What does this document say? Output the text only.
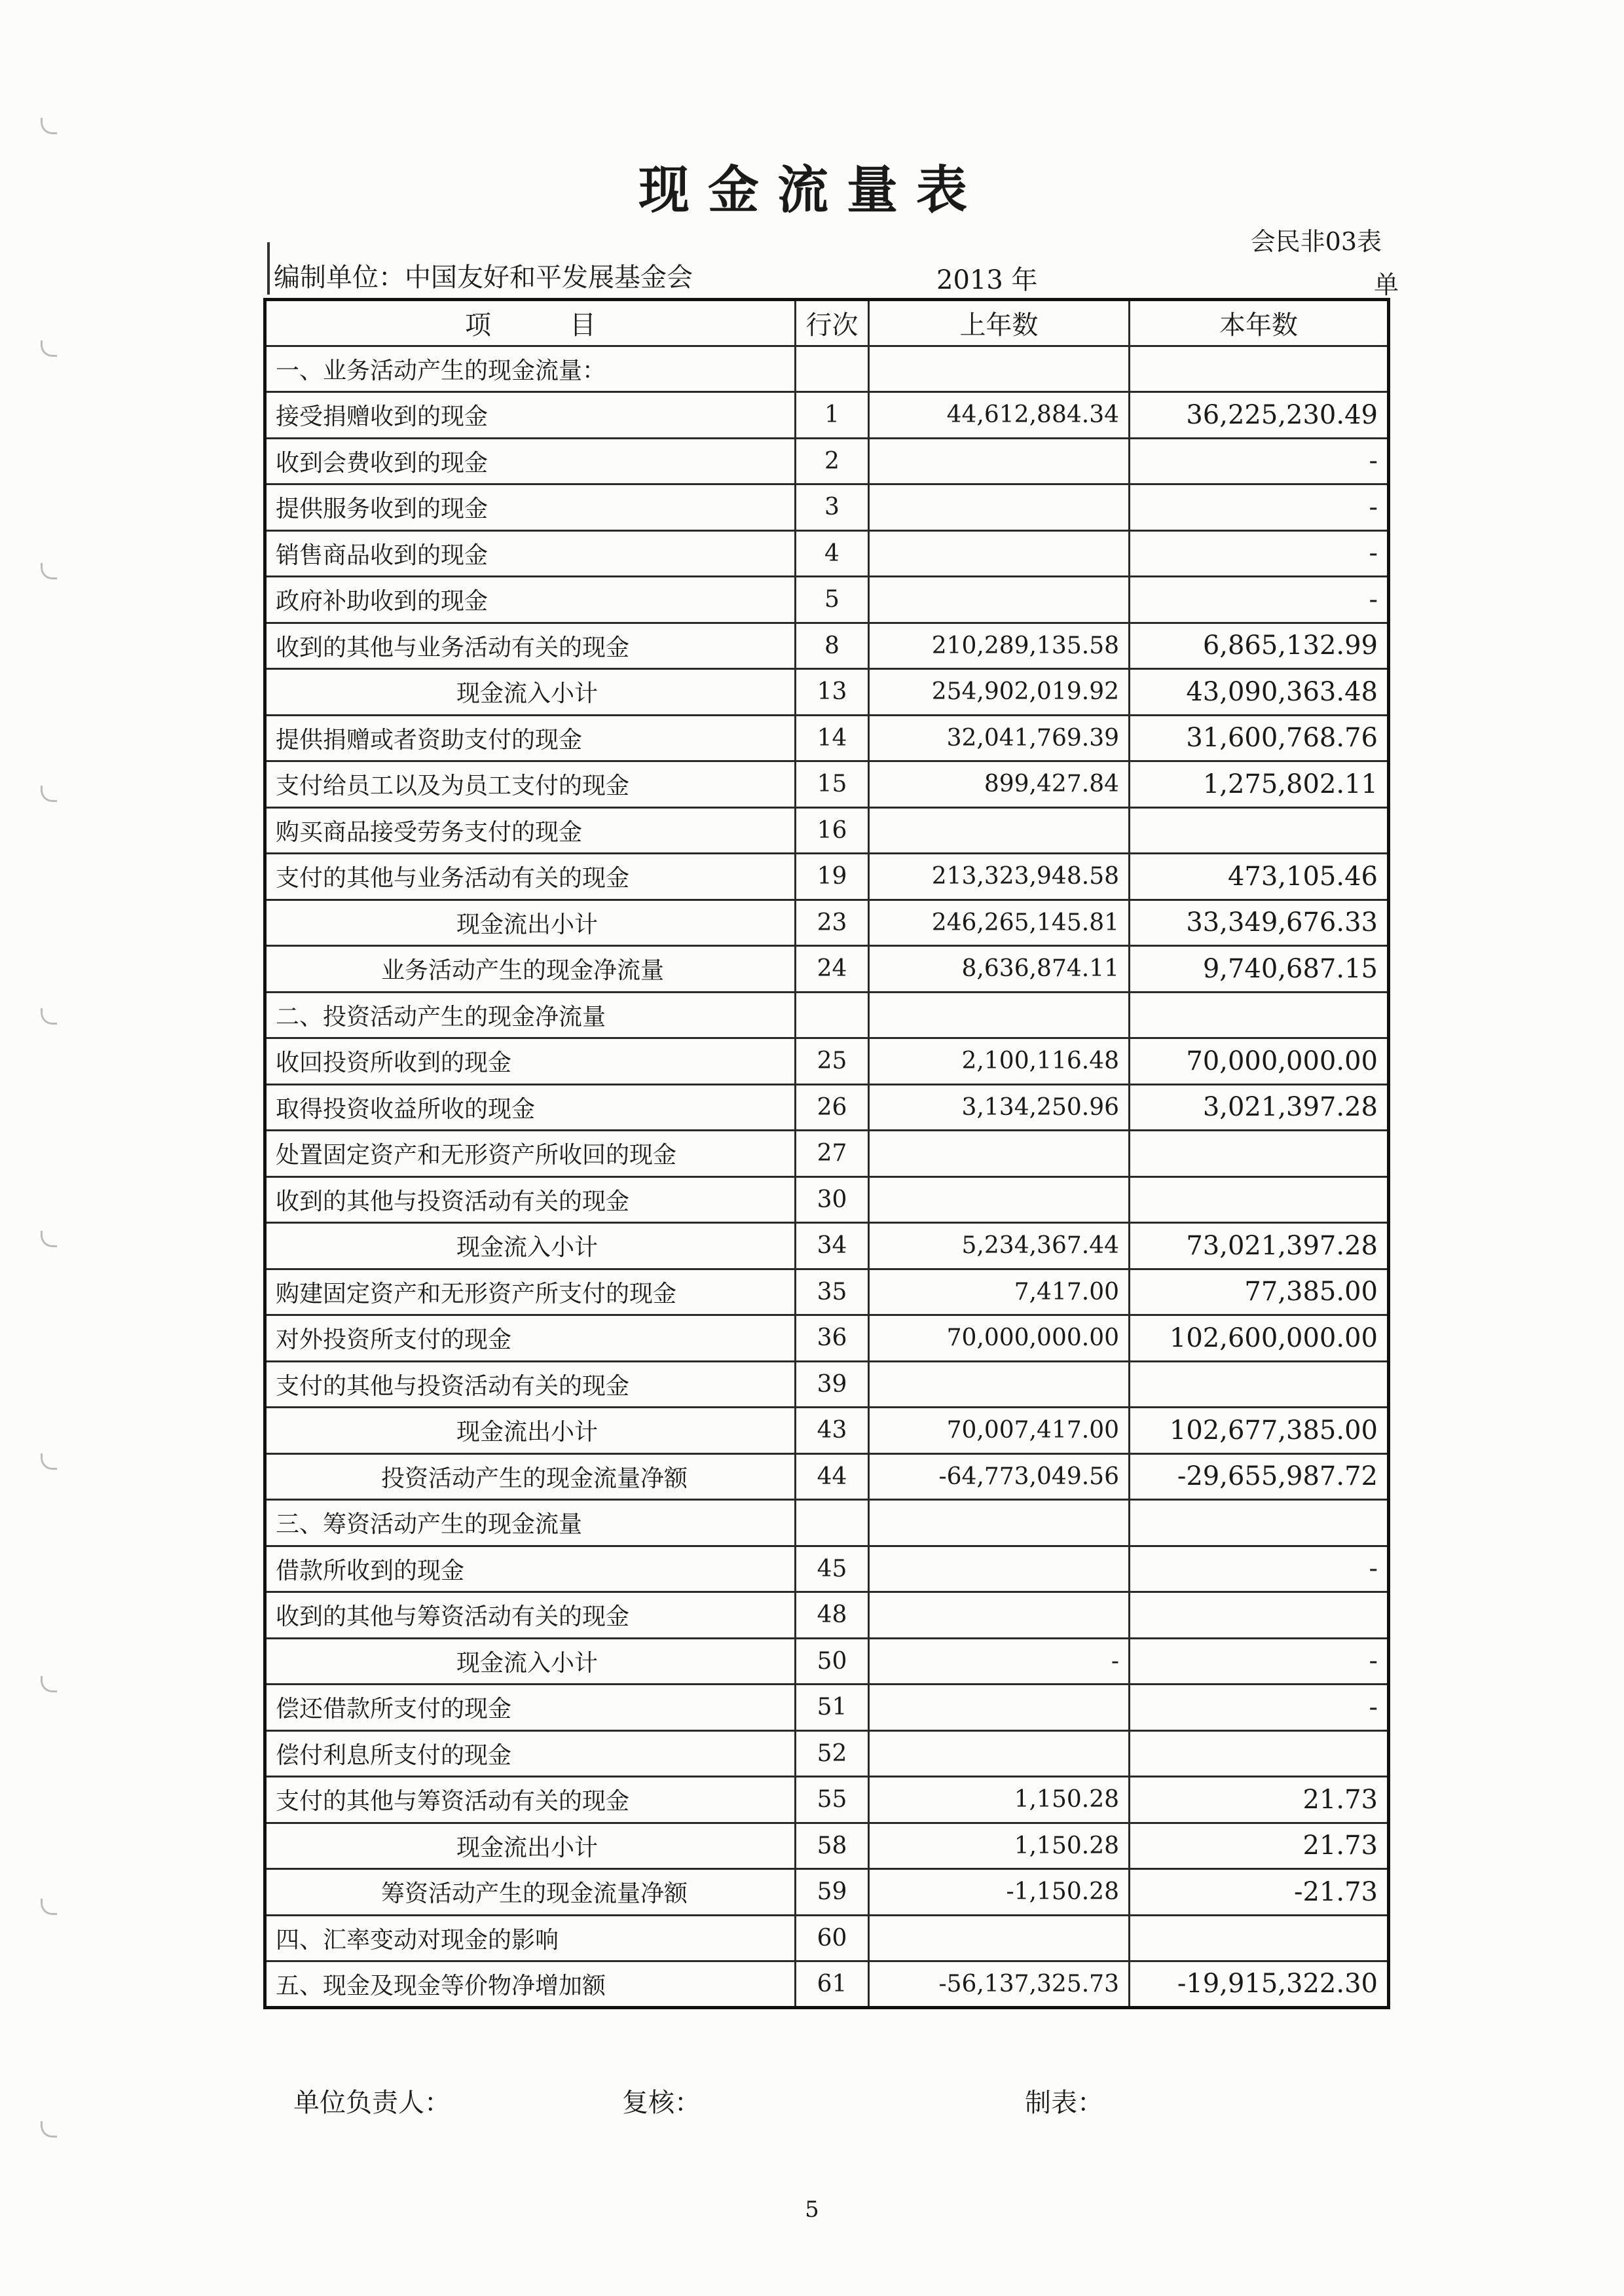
现金流量表
会民非03表
编制单位：中国友好和平发展基金会	2013 年	单
项　　　目	行次	上年数	本年数
一、业务活动产生的现金流量：			
接受捐赠收到的现金	1	44,612,884.34	36,225,230.49
收到会费收到的现金	2		-
提供服务收到的现金	3		-
销售商品收到的现金	4		-
政府补助收到的现金	5		-
收到的其他与业务活动有关的现金	8	210,289,135.58	6,865,132.99
现金流入小计	13	254,902,019.92	43,090,363.48
提供捐赠或者资助支付的现金	14	32,041,769.39	31,600,768.76
支付给员工以及为员工支付的现金	15	899,427.84	1,275,802.11
购买商品接受劳务支付的现金	16		
支付的其他与业务活动有关的现金	19	213,323,948.58	473,105.46
现金流出小计	23	246,265,145.81	33,349,676.33
业务活动产生的现金净流量	24	8,636,874.11	9,740,687.15
二、投资活动产生的现金净流量			
收回投资所收到的现金	25	2,100,116.48	70,000,000.00
取得投资收益所收的现金	26	3,134,250.96	3,021,397.28
处置固定资产和无形资产所收回的现金	27		
收到的其他与投资活动有关的现金	30		
现金流入小计	34	5,234,367.44	73,021,397.28
购建固定资产和无形资产所支付的现金	35	7,417.00	77,385.00
对外投资所支付的现金	36	70,000,000.00	102,600,000.00
支付的其他与投资活动有关的现金	39		
现金流出小计	43	70,007,417.00	102,677,385.00
投资活动产生的现金流量净额	44	-64,773,049.56	-29,655,987.72
三、筹资活动产生的现金流量			
借款所收到的现金	45		-
收到的其他与筹资活动有关的现金	48		
现金流入小计	50	-	-
偿还借款所支付的现金	51		-
偿付利息所支付的现金	52		
支付的其他与筹资活动有关的现金	55	1,150.28	21.73
现金流出小计	58	1,150.28	21.73
筹资活动产生的现金流量净额	59	-1,150.28	-21.73
四、汇率变动对现金的影响	60		
五、现金及现金等价物净增加额	61	-56,137,325.73	-19,915,322.30
单位负责人：	复核：	制表：
5
